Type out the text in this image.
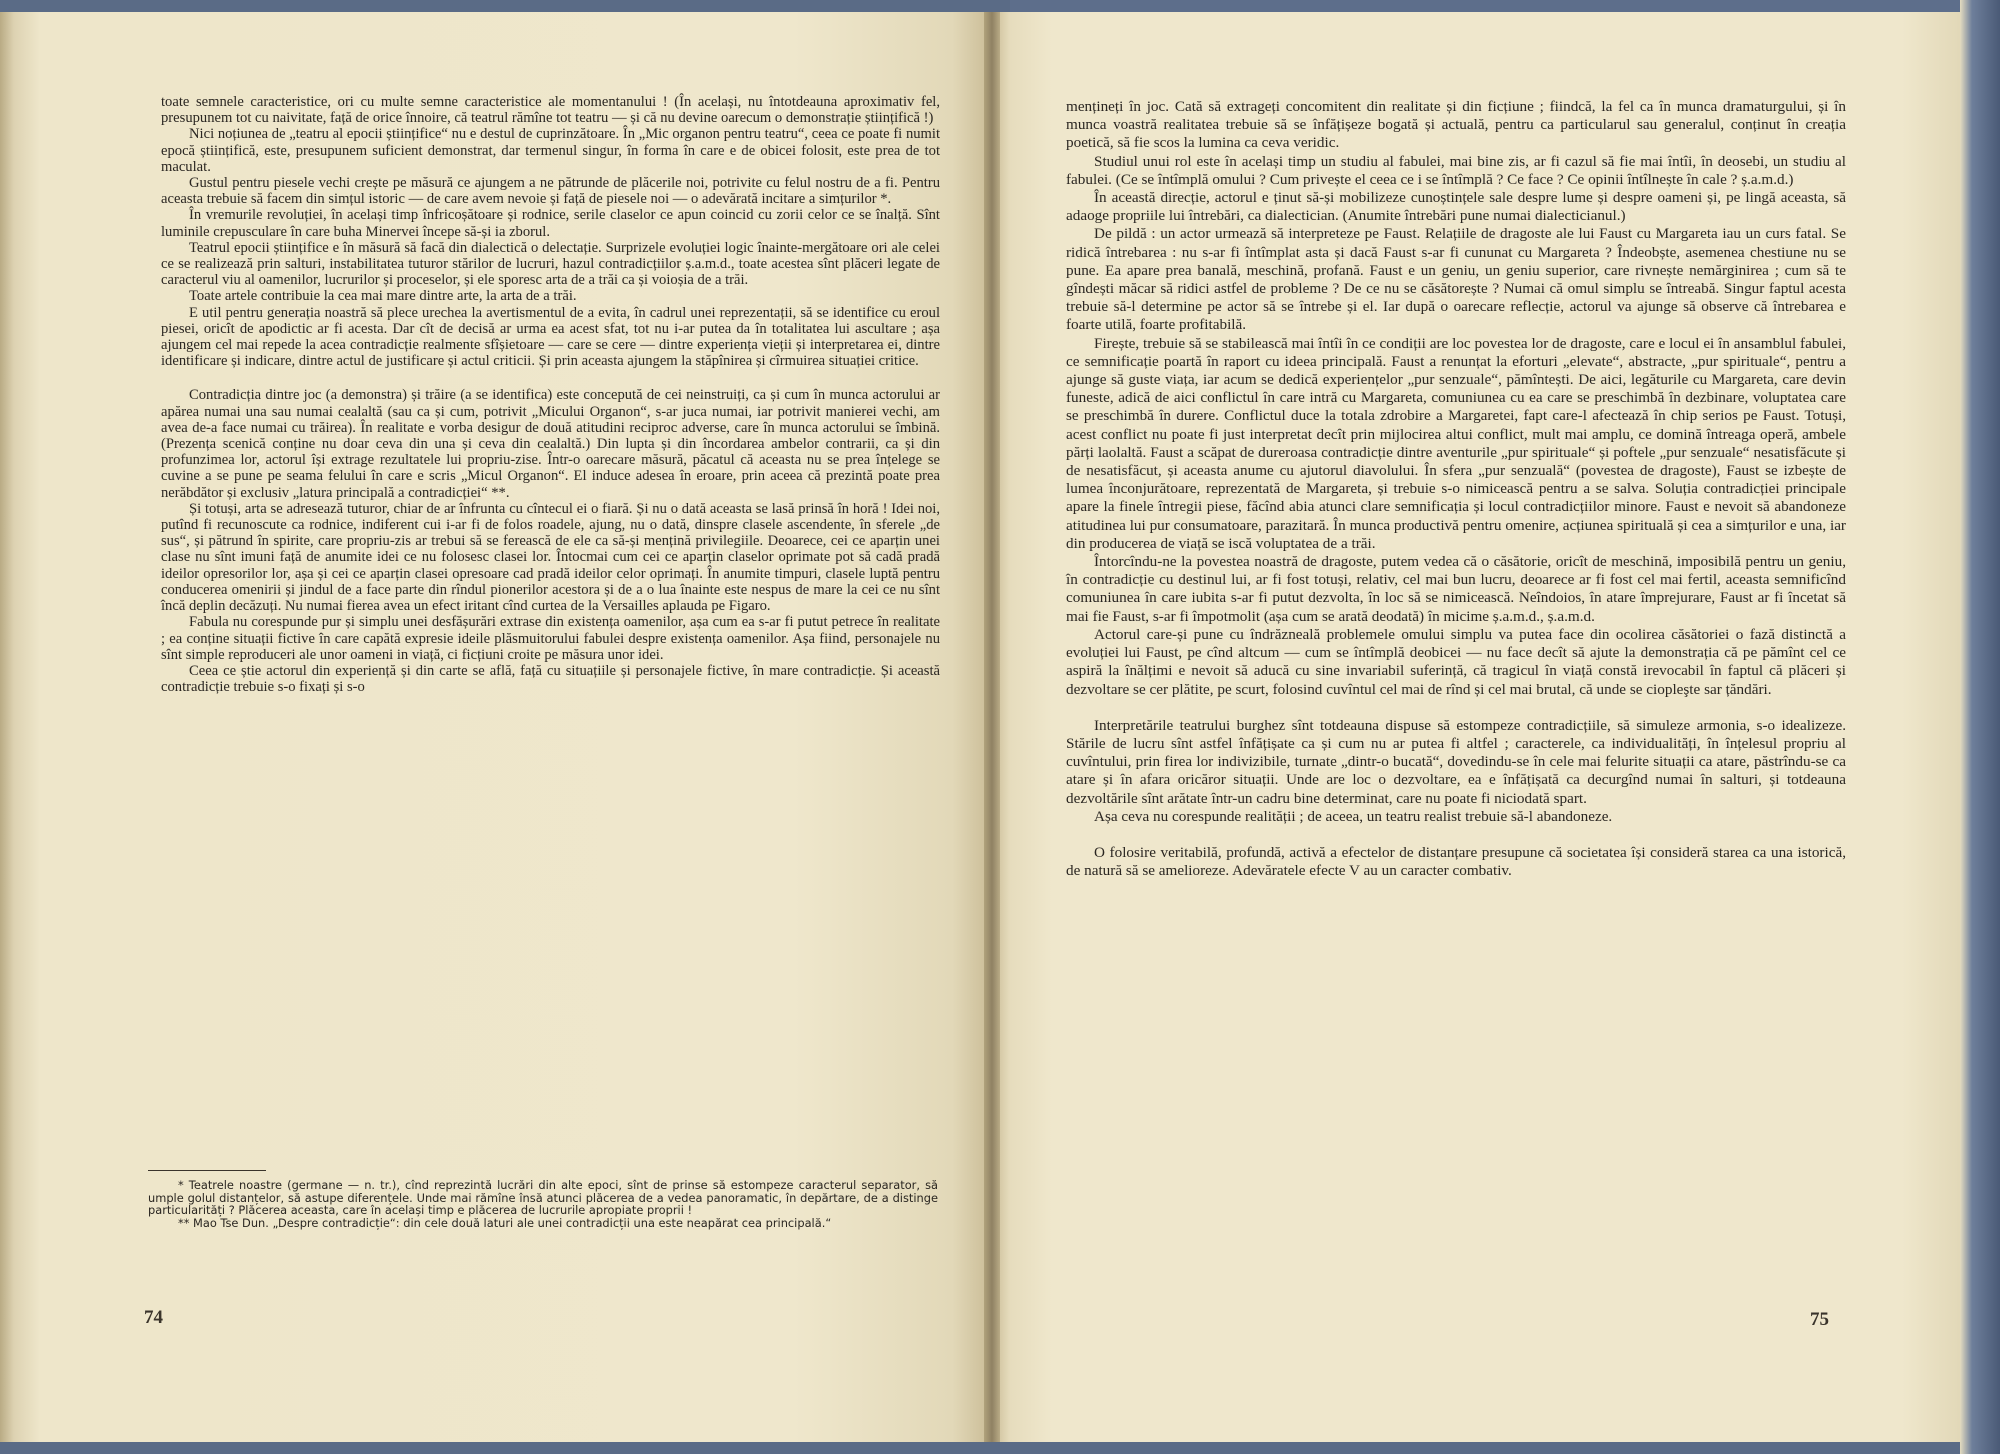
toate semnele caracteristice, ori cu multe semne caracteristice ale momentanului ! (În același, nu întotdeauna aproximativ fel, presupunem tot cu naivitate, față de orice înnoire, că teatrul rămîne tot teatru — și că nu devine oarecum o demonstrație științifică !)

Nici noțiunea de „teatru al epocii științifice“ nu e destul de cuprinzătoare. În „Mic organon pentru teatru“, ceea ce poate fi numit epocă științifică, este, presupunem suficient demonstrat, dar termenul singur, în forma în care e de obicei folosit, este prea de tot maculat.

Gustul pentru piesele vechi crește pe măsură ce ajungem a ne pătrunde de plăcerile noi, potrivite cu felul nostru de a fi. Pentru aceasta trebuie să facem din simțul istoric — de care avem nevoie și față de piesele noi — o adevărată incitare a simțurilor *.

În vremurile revoluției, în același timp înfricoșătoare și rodnice, serile claselor ce apun coincid cu zorii celor ce se înalță. Sînt luminile crepusculare în care buha Minervei începe să-și ia zborul.

Teatrul epocii științifice e în măsură să facă din dialectică o delectație. Surprizele evoluției logic înainte-mergătoare ori ale celei ce se realizează prin salturi, instabilitatea tuturor stărilor de lucruri, hazul contradicțiilor ș.a.m.d., toate acestea sînt plăceri legate de caracterul viu al oamenilor, lucrurilor și proceselor, și ele sporesc arta de a trăi ca și voioșia de a trăi.

Toate artele contribuie la cea mai mare dintre arte, la arta de a trăi.

E util pentru generația noastră să plece urechea la avertismentul de a evita, în cadrul unei reprezentații, să se identifice cu eroul piesei, oricît de apodictic ar fi acesta. Dar cît de decisă ar urma ea acest sfat, tot nu i-ar putea da în totalitatea lui ascultare ; așa ajungem cel mai repede la acea contradicție realmente sfîșietoare — care se cere — dintre experiența vieții și interpretarea ei, dintre identificare și indicare, dintre actul de justificare și actul criticii. Și prin aceasta ajungem la stăpînirea și cîrmuirea situației critice.

Contradicția dintre joc (a demonstra) și trăire (a se identifica) este concepută de cei neinstruiți, ca și cum în munca actorului ar apărea numai una sau numai cealaltă (sau ca și cum, potrivit „Micului Organon“, s-ar juca numai, iar potrivit manierei vechi, am avea de-a face numai cu trăirea). În realitate e vorba desigur de două atitudini reciproc adverse, care în munca actorului se îmbină. (Prezența scenică conține nu doar ceva din una și ceva din cealaltă.) Din lupta și din încordarea ambelor contrarii, ca și din profunzimea lor, actorul își extrage rezultatele lui propriu-zise. Într-o oarecare măsură, păcatul că aceasta nu se prea înțelege se cuvine a se pune pe seama felului în care e scris „Micul Organon“. El induce adesea în eroare, prin aceea că prezintă poate prea nerăbdător și exclusiv „latura principală a contradicției“ **.

Și totuși, arta se adresează tuturor, chiar de ar înfrunta cu cîntecul ei o fiară. Și nu o dată aceasta se lasă prinsă în horă ! Idei noi, putînd fi recunoscute ca rodnice, indiferent cui i-ar fi de folos roadele, ajung, nu o dată, dinspre clasele ascendente, în sferele „de sus“, și pătrund în spirite, care propriu-zis ar trebui să se ferească de ele ca să-și mențină privilegiile. Deoarece, cei ce aparțin unei clase nu sînt imuni față de anumite idei ce nu folosesc clasei lor. Întocmai cum cei ce aparțin claselor oprimate pot să cadă pradă ideilor opresorilor lor, așa și cei ce aparțin clasei opresoare cad pradă ideilor celor oprimați. În anumite timpuri, clasele luptă pentru conducerea omenirii și jindul de a face parte din rîndul pionerilor acestora și de a o lua înainte este nespus de mare la cei ce nu sînt încă deplin decăzuți. Nu numai fierea avea un efect iritant cînd curtea de la Versailles aplauda pe Figaro.

Fabula nu corespunde pur și simplu unei desfășurări extrase din existența oamenilor, așa cum ea s-ar fi putut petrece în realitate ; ea conține situații fictive în care capătă expresie ideile plăsmuitorului fabulei despre existența oamenilor. Așa fiind, personajele nu sînt simple reproduceri ale unor oameni in viață, ci ficțiuni croite pe măsura unor idei.

Ceea ce știe actorul din experiență și din carte se află, față cu situațiile și personajele fictive, în mare contradicție. Și această contradicție trebuie s-o fixați și s-o

* Teatrele noastre (germane — n. tr.), cînd reprezintă lucrări din alte epoci, sînt de prinse să estompeze caracterul separator, să umple golul distanțelor, să astupe diferențele. Unde mai rămîne însă atunci plăcerea de a vedea panoramatic, în depărtare, de a distinge particularități ? Plăcerea aceasta, care în același timp e plăcerea de lucrurile apropiate proprii !

** Mao Tse Dun. „Despre contradicție“: din cele două laturi ale unei contradicții una este neapărat cea principală.“

74

mențineți în joc. Cată să extrageți concomitent din realitate și din ficțiune ; fiindcă, la fel ca în munca dramaturgului, și în munca voastră realitatea trebuie să se înfățișeze bogată și actuală, pentru ca particularul sau generalul, conținut în creația poetică, să fie scos la lumina ca ceva veridic.

Studiul unui rol este în același timp un studiu al fabulei, mai bine zis, ar fi cazul să fie mai întîi, în deosebi, un studiu al fabulei. (Ce se întîmplă omului ? Cum privește el ceea ce i se întîmplă ? Ce face ? Ce opinii întîlnește în cale ? ș.a.m.d.)

În această direcție, actorul e ținut să-și mobilizeze cunoștințele sale despre lume și despre oameni și, pe lingă aceasta, să adaoge propriile lui întrebări, ca dialectician. (Anumite întrebări pune numai dialecticianul.)

De pildă : un actor urmează să interpreteze pe Faust. Relațiile de dragoste ale lui Faust cu Margareta iau un curs fatal. Se ridică întrebarea : nu s-ar fi întîmplat asta și dacă Faust s-ar fi cununat cu Margareta ? Îndeobște, asemenea chestiune nu se pune. Ea apare prea banală, meschină, profană. Faust e un geniu, un geniu superior, care rivnește nemărginirea ; cum să te gîndești măcar să ridici astfel de probleme ? De ce nu se căsătorește ? Numai că omul simplu se întreabă. Singur faptul acesta trebuie să-l determine pe actor să se întrebe și el. Iar după o oarecare reflecție, actorul va ajunge să observe că întrebarea e foarte utilă, foarte profitabilă.

Firește, trebuie să se stabilească mai întîi în ce condiții are loc povestea lor de dragoste, care e locul ei în ansamblul fabulei, ce semnificație poartă în raport cu ideea principală. Faust a renunțat la eforturi „elevate“, abstracte, „pur spirituale“, pentru a ajunge să guste viața, iar acum se dedică experiențelor „pur senzuale“, pămîntești. De aici, legăturile cu Margareta, care devin funeste, adică de aici conflictul în care intră cu Margareta, comuniunea cu ea care se preschimbă în dezbinare, voluptatea care se preschimbă în durere. Conflictul duce la totala zdrobire a Margaretei, fapt care-l afectează în chip serios pe Faust. Totuși, acest conflict nu poate fi just interpretat decît prin mijlocirea altui conflict, mult mai amplu, ce domină întreaga operă, ambele părți laolaltă. Faust a scăpat de dureroasa contradicție dintre aventurile „pur spirituale“ și poftele „pur senzuale“ nesatisfăcute și de nesatisfăcut, și aceasta anume cu ajutorul diavolului. În sfera „pur senzuală“ (povestea de dragoste), Faust se izbește de lumea înconjurătoare, reprezentată de Margareta, și trebuie s-o nimicească pentru a se salva. Soluția contradicției principale apare la finele întregii piese, făcînd abia atunci clare semnificația și locul contradicțiilor minore. Faust e nevoit să abandoneze atitudinea lui pur consumatoare, parazitară. În munca productivă pentru omenire, acțiunea spirituală și cea a simțurilor e una, iar din producerea de viață se iscă voluptatea de a trăi.

Întorcîndu-ne la povestea noastră de dragoste, putem vedea că o căsătorie, oricît de meschină, imposibilă pentru un geniu, în contradicție cu destinul lui, ar fi fost totuși, relativ, cel mai bun lucru, deoarece ar fi fost cel mai fertil, aceasta semnificînd comuniunea în care iubita s-ar fi putut dezvolta, în loc să se nimicească. Neîndoios, în atare împrejurare, Faust ar fi încetat să mai fie Faust, s-ar fi împotmolit (așa cum se arată deodată) în micime ș.a.m.d., ș.a.m.d.

Actorul care-și pune cu îndrăzneală problemele omului simplu va putea face din ocolirea căsătoriei o fază distinctă a evoluției lui Faust, pe cînd altcum — cum se întîmplă deobicei — nu face decît să ajute la demonstrația că pe pămînt cel ce aspiră la înălțimi e nevoit să aducă cu sine invariabil suferință, că tragicul în viață constă irevocabil în faptul că plăceri și dezvoltare se cer plătite, pe scurt, folosind cuvîntul cel mai de rînd și cel mai brutal, că unde se ciopleşte sar țăndări.

Interpretările teatrului burghez sînt totdeauna dispuse să estompeze contradicțiile, să simuleze armonia, s-o idealizeze. Stările de lucru sînt astfel înfățișate ca și cum nu ar putea fi altfel ; caracterele, ca individualități, în înțelesul propriu al cuvîntului, prin firea lor indivizibile, turnate „dintr-o bucată“, dovedindu-se în cele mai felurite situații ca atare, păstrîndu-se ca atare și în afara oricăror situații. Unde are loc o dezvoltare, ea e înfățișată ca decurgînd numai în salturi, și totdeauna dezvoltările sînt arătate într-un cadru bine determinat, care nu poate fi niciodată spart.

Așa ceva nu corespunde realității ; de aceea, un teatru realist trebuie să-l abandoneze.

O folosire veritabilă, profundă, activă a efectelor de distanțare presupune că societatea își consideră starea ca una istorică, de natură să se amelioreze. Adevăratele efecte V au un caracter combativ.

75
